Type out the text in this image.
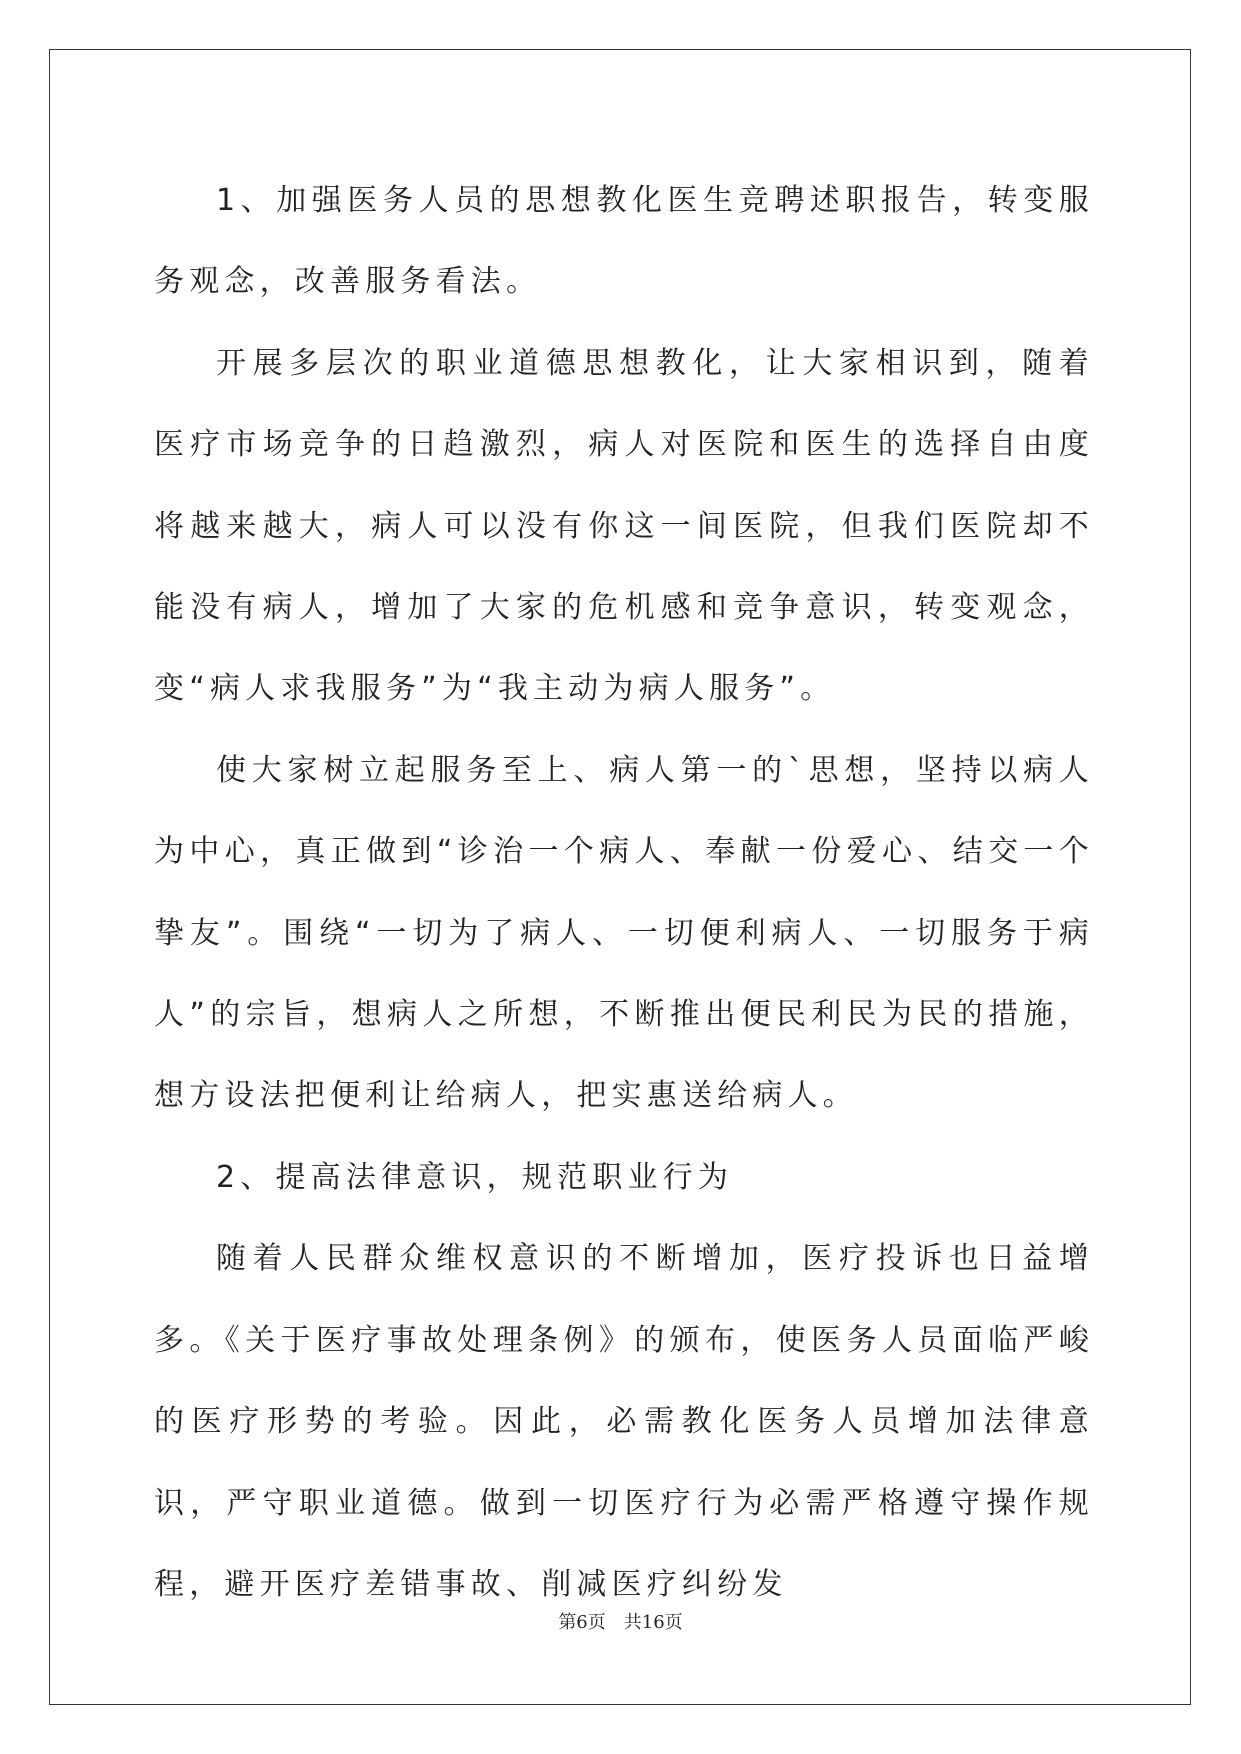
1、加强医务人员的思想教化医生竞聘述职报告，转变服务观念，改善服务看法。

开展多层次的职业道德思想教化，让大家相识到，随着医疗市场竞争的日趋激烈，病人对医院和医生的选择自由度将越来越大，病人可以没有你这一间医院，但我们医院却不能没有病人，增加了大家的危机感和竞争意识，转变观念，变“病人求我服务”为“我主动为病人服务”。

使大家树立起服务至上、病人第一的`思想，坚持以病人为中心，真正做到“诊治一个病人、奉献一份爱心、结交一个挚友”。围绕“一切为了病人、一切便利病人、一切服务于病人”的宗旨，想病人之所想，不断推出便民利民为民的措施，想方设法把便利让给病人，把实惠送给病人。

2、提高法律意识，规范职业行为

随着人民群众维权意识的不断增加，医疗投诉也日益增多。《关于医疗事故处理条例》的颁布，使医务人员面临严峻的医疗形势的考验。因此，必需教化医务人员增加法律意识，严守职业道德。做到一切医疗行为必需严格遵守操作规程，避开医疗差错事故、削减医疗纠纷发

第6页　共16页
